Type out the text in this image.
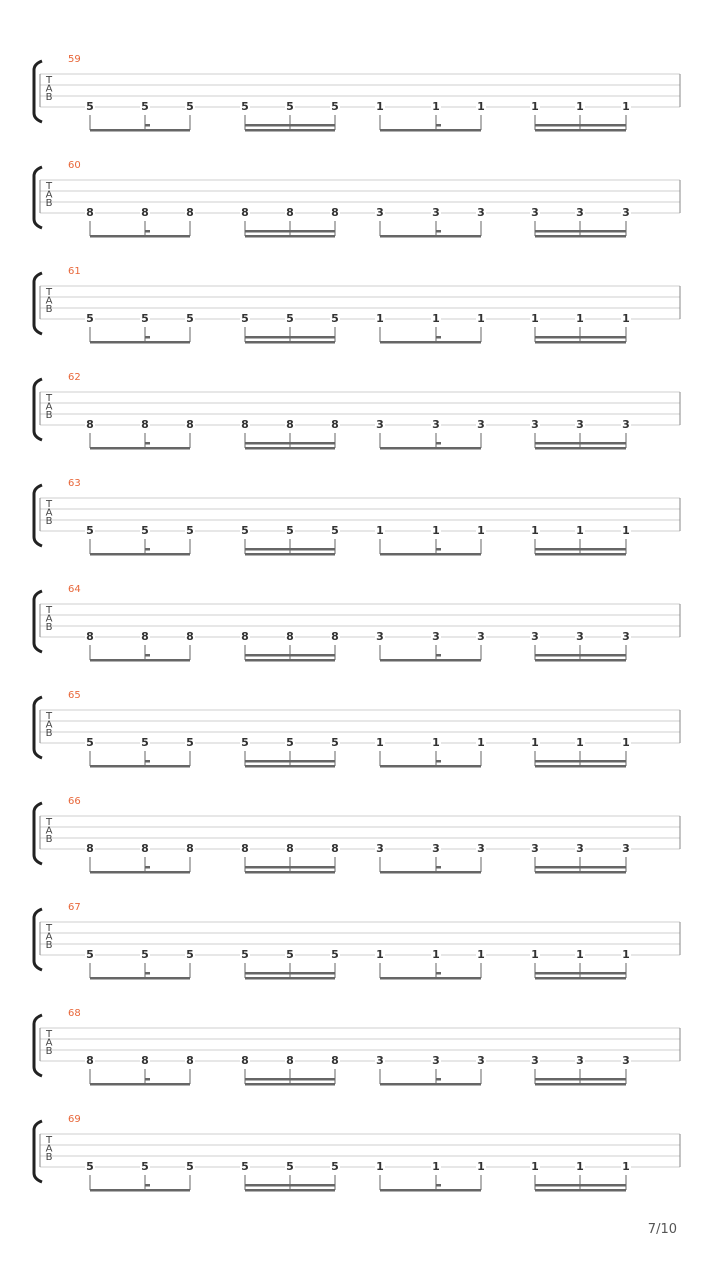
59
T
A
B
5	5	5	5	5	5	1	1	1	1	1	1
60
T
A
B
8	8	8	8	8	8	3	3	3	3	3	3
61
T
A
B
5	5	5	5	5	5	1	1	1	1	1	1
62
T
A
B
8	8	8	8	8	8	3	3	3	3	3	3
63
T
A
B
5	5	5	5	5	5	1	1	1	1	1	1
64
T
A
B
8	8	8	8	8	8	3	3	3	3	3	3
65
T
A
B
5	5	5	5	5	5	1	1	1	1	1	1
66
T
A
B
8	8	8	8	8	8	3	3	3	3	3	3
67
T
A
B
5	5	5	5	5	5	1	1	1	1	1	1
68
T
A
B
8	8	8	8	8	8	3	3	3	3	3	3
69
T
A
B
5	5	5	5	5	5	1	1	1	1	1	1
7/10
